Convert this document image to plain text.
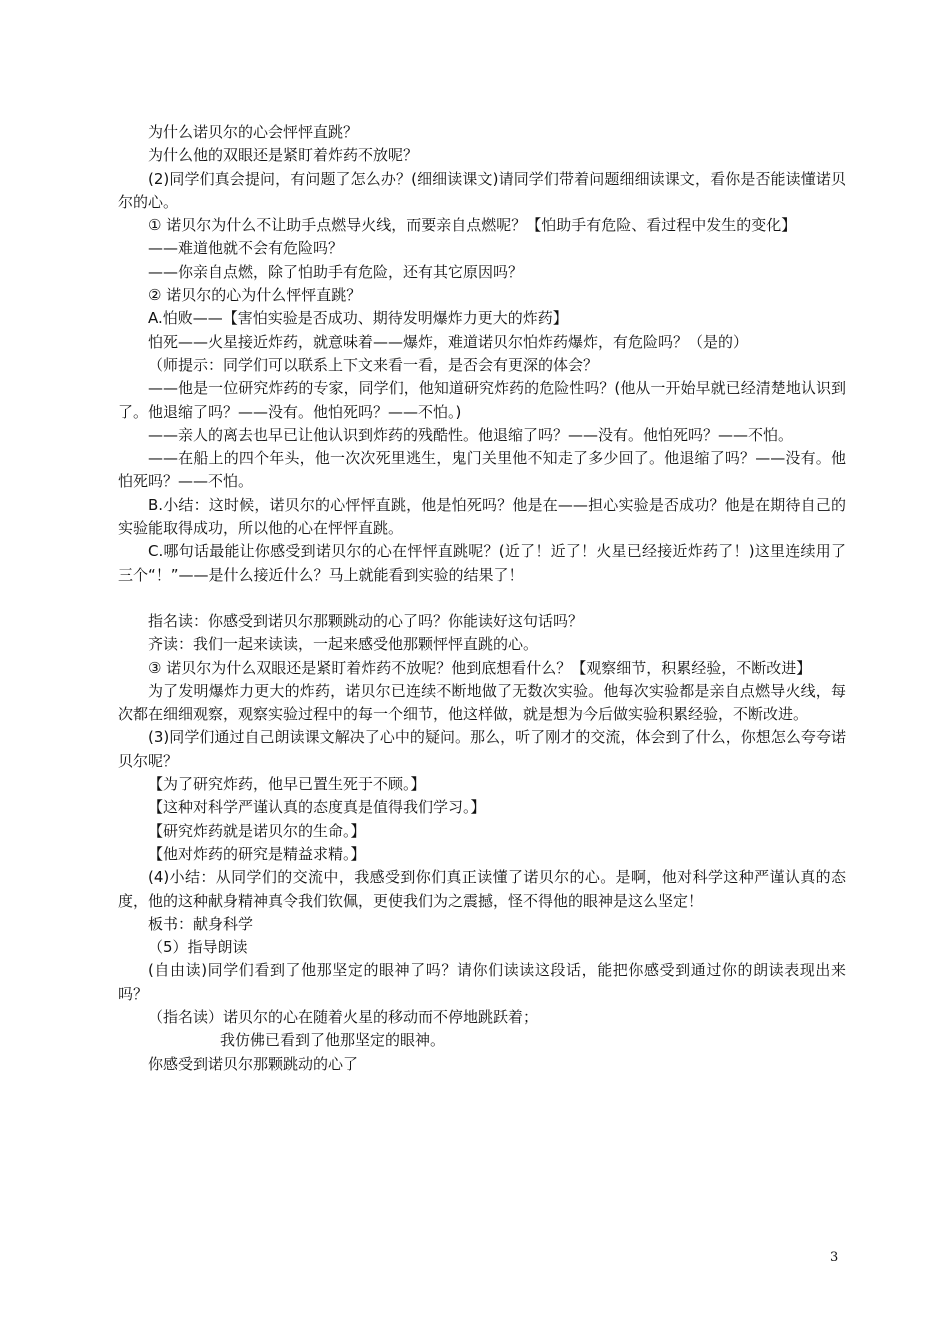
为什么诺贝尔的心会怦怦直跳？

为什么他的双眼还是紧盯着炸药不放呢？

(2)同学们真会提问，有问题了怎么办？(细细读课文)请同学们带着问题细细读课文，看你是否能读懂诺贝尔的心。

① 诺贝尔为什么不让助手点燃导火线，而要亲自点燃呢？【怕助手有危险、看过程中发生的变化】

——难道他就不会有危险吗？

——你亲自点燃，除了怕助手有危险，还有其它原因吗？

② 诺贝尔的心为什么怦怦直跳？

A.怕败——【害怕实验是否成功、期待发明爆炸力更大的炸药】

怕死——火星接近炸药，就意味着——爆炸，难道诺贝尔怕炸药爆炸，有危险吗？（是的）

（师提示：同学们可以联系上下文来看一看，是否会有更深的体会？

——他是一位研究炸药的专家，同学们，他知道研究炸药的危险性吗？(他从一开始早就已经清楚地认识到了。他退缩了吗？——没有。他怕死吗？——不怕。)

——亲人的离去也早已让他认识到炸药的残酷性。他退缩了吗？——没有。他怕死吗？——不怕。

——在船上的四个年头，他一次次死里逃生，鬼门关里他不知走了多少回了。他退缩了吗？——没有。他怕死吗？——不怕。

B.小结：这时候，诺贝尔的心怦怦直跳，他是怕死吗？他是在——担心实验是否成功？他是在期待自己的实验能取得成功，所以他的心在怦怦直跳。

C.哪句话最能让你感受到诺贝尔的心在怦怦直跳呢？(近了！近了！火星已经接近炸药了！)这里连续用了三个“！”——是什么接近什么？马上就能看到实验的结果了！

指名读：你感受到诺贝尔那颗跳动的心了吗？你能读好这句话吗？

齐读：我们一起来读读，一起来感受他那颗怦怦直跳的心。

③ 诺贝尔为什么双眼还是紧盯着炸药不放呢？他到底想看什么？【观察细节，积累经验，不断改进】

为了发明爆炸力更大的炸药，诺贝尔已连续不断地做了无数次实验。他每次实验都是亲自点燃导火线，每次都在细细观察，观察实验过程中的每一个细节，他这样做，就是想为今后做实验积累经验，不断改进。

(3)同学们通过自己朗读课文解决了心中的疑问。那么，听了刚才的交流，体会到了什么，你想怎么夸夸诺贝尔呢？

【为了研究炸药，他早已置生死于不顾。】

【这种对科学严谨认真的态度真是值得我们学习。】

【研究炸药就是诺贝尔的生命。】

【他对炸药的研究是精益求精。】

(4)小结：从同学们的交流中，我感受到你们真正读懂了诺贝尔的心。是啊，他对科学这种严谨认真的态度，他的这种献身精神真令我们钦佩，更使我们为之震撼，怪不得他的眼神是这么坚定！

板书：献身科学

（5）指导朗读

(自由读)同学们看到了他那坚定的眼神了吗？请你们读读这段话，能把你感受到通过你的朗读表现出来吗？

（指名读）诺贝尔的心在随着火星的移动而不停地跳跃着；

我仿佛已看到了他那坚定的眼神。

你感受到诺贝尔那颗跳动的心了

3
